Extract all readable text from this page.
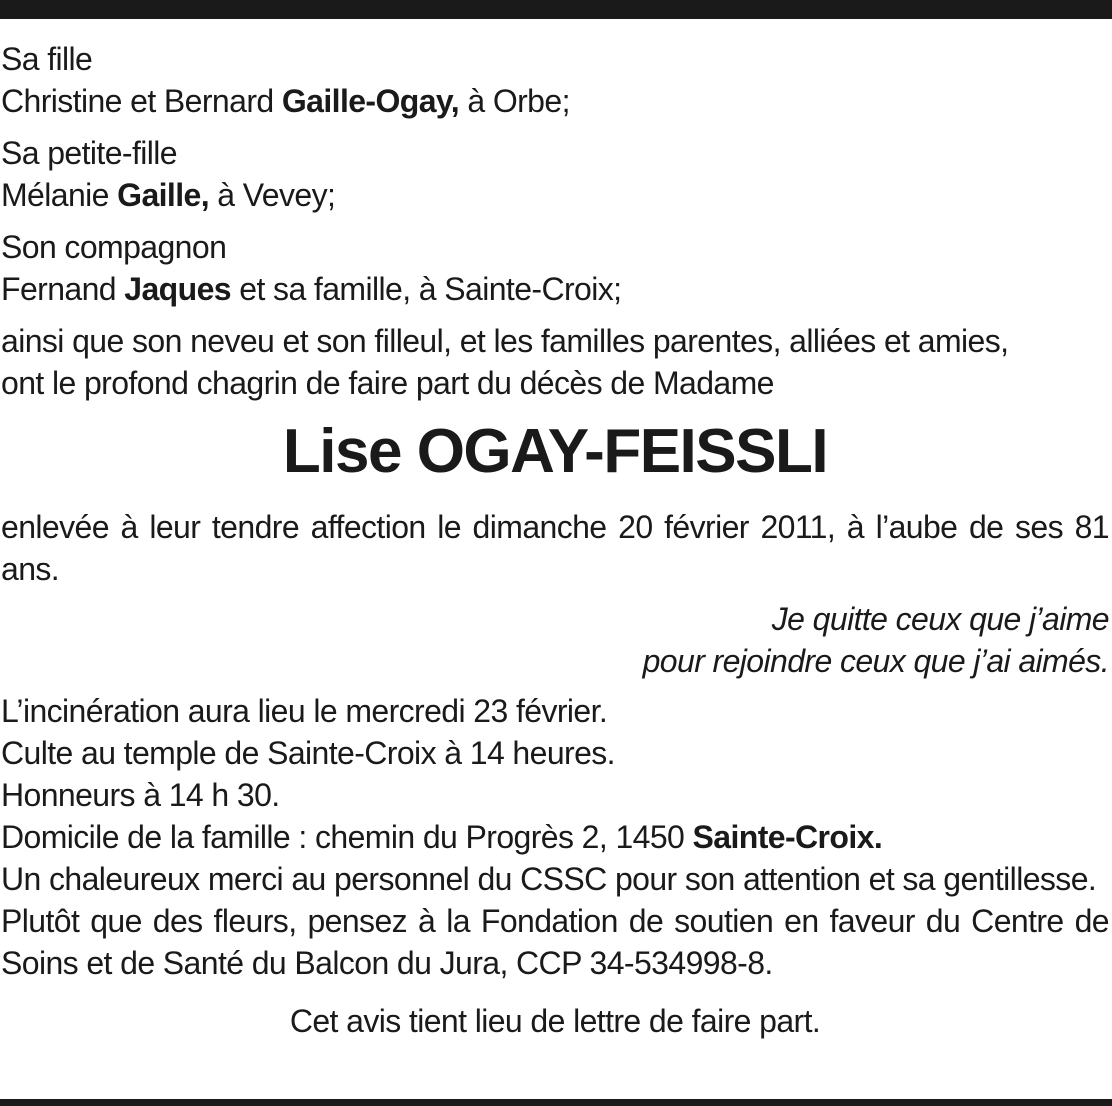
Sa fille
Christine et Bernard Gaille-Ogay, à Orbe;
Sa petite-fille
Mélanie Gaille, à Vevey;
Son compagnon
Fernand Jaques et sa famille, à Sainte-Croix;
ainsi que son neveu et son filleul, et les familles parentes, alliées et amies,
ont le profond chagrin de faire part du décès de Madame
Lise OGAY-FEISSLI
enlevée à leur tendre affection le dimanche 20 février 2011, à l’aube de ses 81 ans.
Je quitte ceux que j’aime
pour rejoindre ceux que j’ai aimés.
L’incinération aura lieu le mercredi 23 février.
Culte au temple de Sainte-Croix à 14 heures.
Honneurs à 14 h 30.
Domicile de la famille : chemin du Progrès 2, 1450 Sainte-Croix.
Un chaleureux merci au personnel du CSSC pour son attention et sa gentillesse.
Plutôt que des fleurs, pensez à la Fondation de soutien en faveur du Centre de Soins et de Santé du Balcon du Jura, CCP 34-534998-8.
Cet avis tient lieu de lettre de faire part.
